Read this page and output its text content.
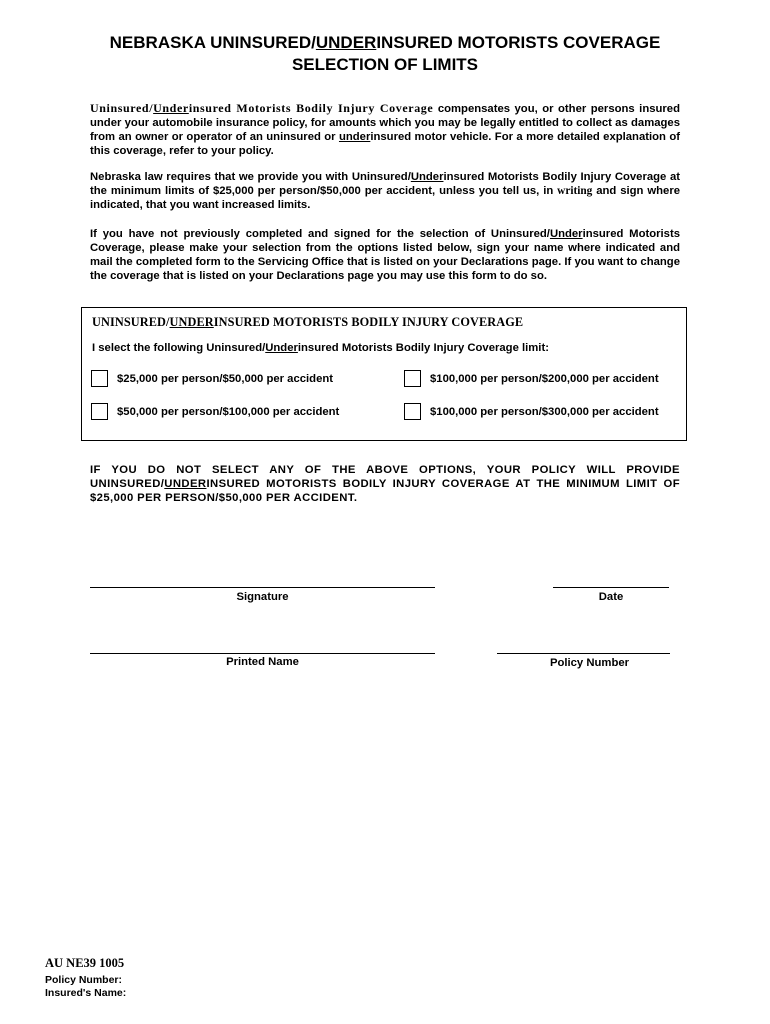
NEBRASKA UNINSURED/UNDERINSURED MOTORISTS COVERAGE
SELECTION OF LIMITS
Uninsured/Underinsured Motorists Bodily Injury Coverage compensates you, or other persons insured under your automobile insurance policy, for amounts which you may be legally entitled to collect as damages from an owner or operator of an uninsured or underinsured motor vehicle. For a more detailed explanation of this coverage, refer to your policy.
Nebraska law requires that we provide you with Uninsured/Underinsured Motorists Bodily Injury Coverage at the minimum limits of $25,000 per person/$50,000 per accident, unless you tell us, in writing and sign where indicated, that you want increased limits.
If you have not previously completed and signed for the selection of Uninsured/Underinsured Motorists Coverage, please make your selection from the options listed below, sign your name where indicated and mail the completed form to the Servicing Office that is listed on your Declarations page. If you want to change the coverage that is listed on your Declarations page you may use this form to do so.
UNINSURED/UNDERINSURED MOTORISTS BODILY INJURY COVERAGE
I select the following Uninsured/Underinsured Motorists Bodily Injury Coverage limit:
$25,000 per person/$50,000 per accident	$100,000 per person/$200,000 per accident
$50,000 per person/$100,000 per accident	$100,000 per person/$300,000 per accident
IF YOU DO NOT SELECT ANY OF THE ABOVE OPTIONS, YOUR POLICY WILL PROVIDE UNINSURED/UNDERINSURED MOTORISTS BODILY INJURY COVERAGE AT THE MINIMUM LIMIT OF $25,000 PER PERSON/$50,000 PER ACCIDENT.
Signature	Date
Printed Name	Policy Number
AU NE39 1005
Policy Number:
Insured's Name:
